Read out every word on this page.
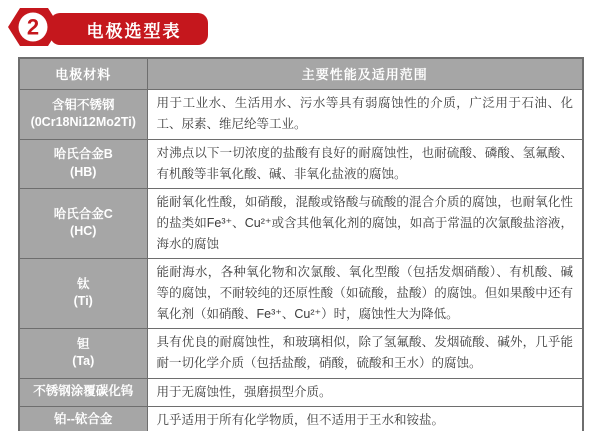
2	电极选型表
电极材料	主要性能及适用范围

含钼不锈钢
(0Cr18Ni12Mo2Ti)	用于工业水、生活用水、污水等具有弱腐蚀性的介质，广泛用于石油、化工、尿素、维尼纶等工业。

哈氏合金B
(HB)	对沸点以下一切浓度的盐酸有良好的耐腐蚀性，也耐硫酸、磷酸、氢氟酸、有机酸等非氧化酸、碱、非氧化盐液的腐蚀。

哈氏合金C
(HC)	能耐氧化性酸，如硝酸，混酸或铬酸与硫酸的混合介质的腐蚀，也耐氧化性的盐类如Fe³⁺、Cu²⁺或含其他氧化剂的腐蚀，如高于常温的次氯酸盐溶液，海水的腐蚀

钛
(Ti)	能耐海水，各种氧化物和次氯酸、氧化型酸（包括发烟硝酸）、有机酸、碱等的腐蚀，不耐较纯的还原性酸（如硫酸，盐酸）的腐蚀。但如果酸中还有氧化剂（如硝酸、Fe³⁺、Cu²⁺）时，腐蚀性大为降低。

钽
(Ta)	具有优良的耐腐蚀性，和玻璃相似，除了氢氟酸、发烟硫酸、碱外，几乎能耐一切化学介质（包括盐酸，硝酸，硫酸和王水）的腐蚀。

不锈钢涂覆碳化钨	用于无腐蚀性，强磨损型介质。

铂--铱合金	几乎适用于所有化学物质，但不适用于王水和铵盐。
